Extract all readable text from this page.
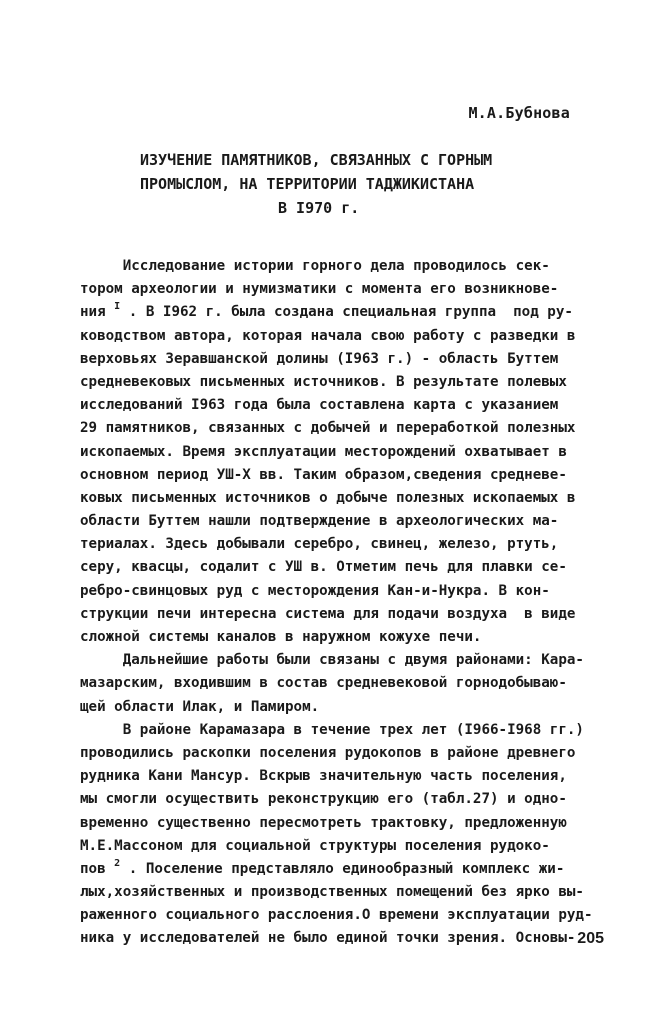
М.А.Бубнова
ИЗУЧЕНИЕ ПАМЯТНИКОВ, СВЯЗАННЫХ С ГОРНЫМ
ПРОМЫСЛОМ, НА ТЕРРИТОРИИ ТАДЖИКИСТАНА
В I970 г.
Исследование истории горного дела проводилось сек-
тором археологии и нумизматики с момента его возникнове-
ния $^I$ . В I962 г. была создана специальная группа  под ру-
ководством автора, которая начала свою работу с разведки в
верховьях Зеравшанской долины (I963 г.) - область Буттем
средневековых письменных источников. В результате полевых
исследований I963 года была составлена карта с указанием
29 памятников, связанных с добычей и переработкой полезных
ископаемых. Время эксплуатации месторождений охватывает в
основном период УШ-Х вв. Таким образом,сведения средневе-
ковых письменных источников о добыче полезных ископаемых в
области Буттем нашли подтверждение в археологических ма-
териалах. Здесь добывали серебро, свинец, железо, ртуть,
серу, квасцы, содалит с УШ в. Отметим печь для плавки се-
ребро-свинцовых руд с месторождения Кан-и-Нукра. В кон-
струкции печи интересна система для подачи воздуха  в виде
сложной системы каналов в наружном кожухе печи.
Дальнейшие работы были связаны с двумя районами: Кара-
мазарским, входившим в состав средневековой горнодобываю-
щей области Илак, и Памиром.
В районе Карамазара в течение трех лет (I966-I968 гг.)
проводились раскопки поселения рудокопов в районе древнего
рудника Кани Мансур. Вскрыв значительную часть поселения,
мы смогли осуществить реконструкцию его (табл.27) и одно-
временно существенно пересмотреть трактовку, предложенную
М.Е.Массоном для социальной структуры поселения рудоко-
пов $^2$ . Поселение представляло единообразный комплекс жи-
лых,хозяйственных и производственных помещений без ярко вы-
раженного социального расслоения.О времени эксплуатации руд-
ника у исследователей не было единой точки зрения. Основы- 205
